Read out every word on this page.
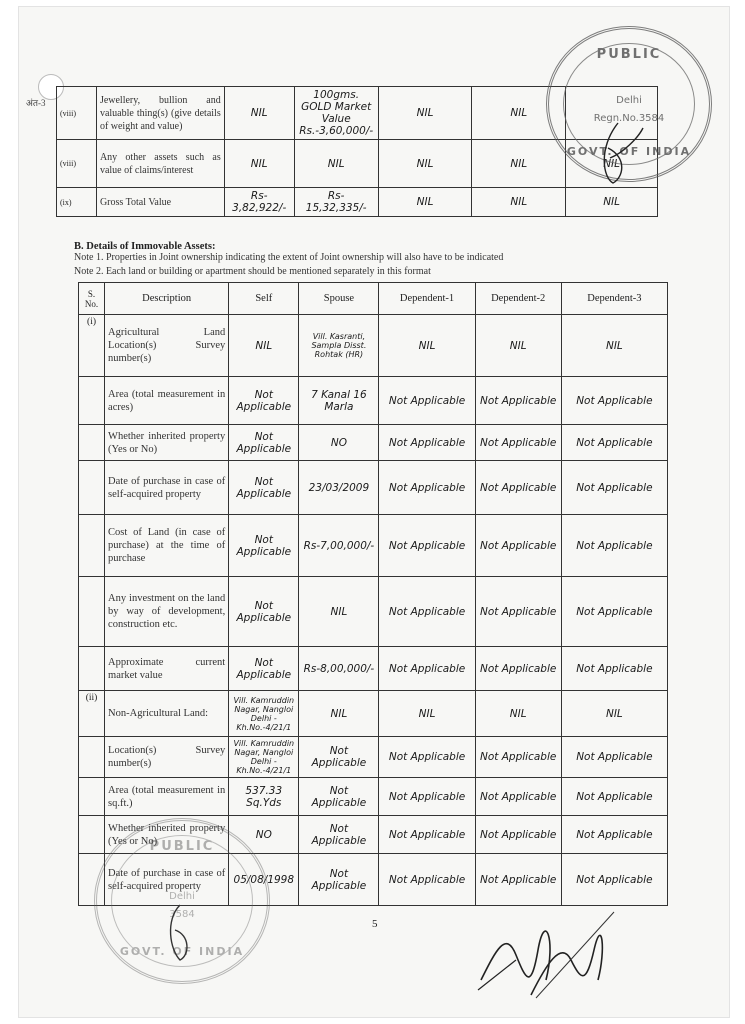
अंत-3
(viii)	Jewellery, bullion and valuable thing(s) (give details of weight and value)	NIL	100gms. GOLD Market Value Rs.-3,60,000/-	NIL	NIL	
(viii)	Any other assets such as value of claims/interest	NIL	NIL	NIL	NIL	NIL
(ix)	Gross Total Value	Rs-3,82,922/-	Rs-15,32,335/-	NIL	NIL	NIL
B. Details of Immovable Assets:
Note 1. Properties in Joint ownership indicating the extent of Joint ownership will also have to be indicated
Note 2. Each land or building or apartment should be mentioned separately in this format
S. No.	Description	Self	Spouse	Dependent-1	Dependent-2	Dependent-3
(i)	Agricultural Land Location(s) Survey number(s)	NIL	Vill. Kasranti, Sampla Disst. Rohtak (HR)	NIL	NIL	NIL
	Area (total measurement in acres)	Not Applicable	7 Kanal 16 Marla	Not Applicable	Not Applicable	Not Applicable
	Whether inherited property (Yes or No)	Not Applicable	NO	Not Applicable	Not Applicable	Not Applicable
	Date of purchase in case of self-acquired property	Not Applicable	23/03/2009	Not Applicable	Not Applicable	Not Applicable
	Cost of Land (in case of purchase) at the time of purchase	Not Applicable	Rs-7,00,000/-	Not Applicable	Not Applicable	Not Applicable
	Any investment on the land by way of development, construction etc.	Not Applicable	NIL	Not Applicable	Not Applicable	Not Applicable
	Approximate current market value	Not Applicable	Rs-8,00,000/-	Not Applicable	Not Applicable	Not Applicable
(ii)	Non-Agricultural Land:	Vill. Kamruddin Nagar, Nangloi Delhi - Kh.No.-4/21/1	NIL	NIL	NIL	NIL
	Location(s) Survey number(s)	Vill. Kamruddin Nagar, Nangloi Delhi - Kh.No.-4/21/1	Not Applicable	Not Applicable	Not Applicable	Not Applicable
	Area (total measurement in sq.ft.)	537.33 Sq.Yds	Not Applicable	Not Applicable	Not Applicable	Not Applicable
	Whether inherited property (Yes or No)	NO	Not Applicable	Not Applicable	Not Applicable	Not Applicable
	Date of purchase in case of self-acquired property	05/08/1998	Not Applicable	Not Applicable	Not Applicable	Not Applicable
5
PUBLIC
Delhi
Regn.No.3584
GOVT. OF INDIA
PUBLIC
Delhi
3584
GOVT. OF INDIA
